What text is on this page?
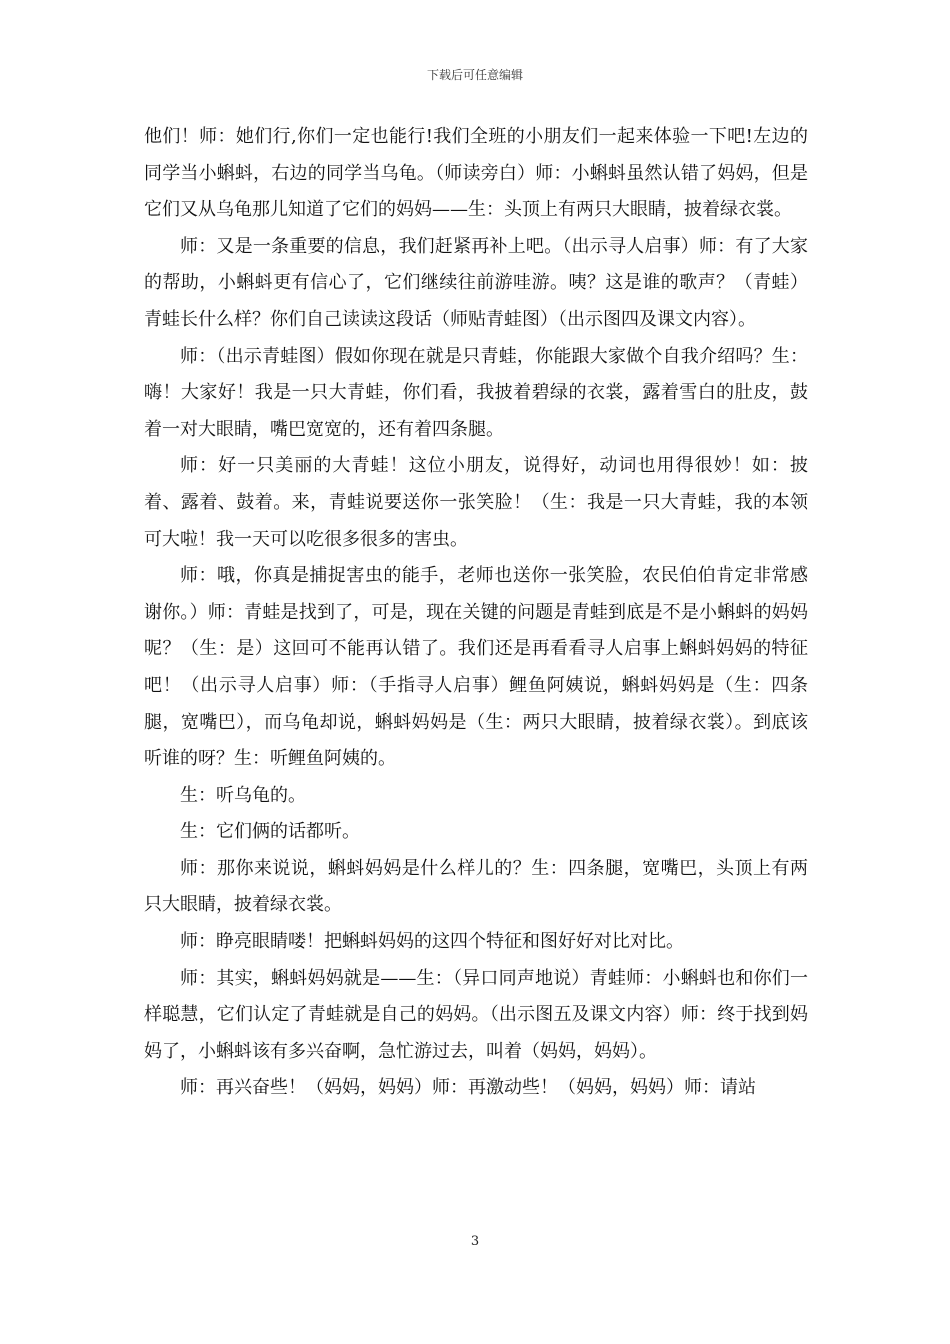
下载后可任意编辑

他们！师：她们行,你们一定也能行!我们全班的小朋友们一起来体验一下吧!左边的同学当小蝌蚪，右边的同学当乌龟。（师读旁白）师：小蝌蚪虽然认错了妈妈，但是它们又从乌龟那儿知道了它们的妈妈——生：头顶上有两只大眼睛，披着绿衣裳。

师：又是一条重要的信息，我们赶紧再补上吧。（出示寻人启事）师：有了大家的帮助，小蝌蚪更有信心了，它们继续往前游哇游。咦？这是谁的歌声？（青蛙）青蛙长什么样？你们自己读读这段话（师贴青蛙图）（出示图四及课文内容）。

师：（出示青蛙图）假如你现在就是只青蛙，你能跟大家做个自我介绍吗？生：嗨！大家好！我是一只大青蛙，你们看，我披着碧绿的衣裳，露着雪白的肚皮，鼓着一对大眼睛，嘴巴宽宽的，还有着四条腿。

师：好一只美丽的大青蛙！这位小朋友，说得好，动词也用得很妙！如：披着、露着、鼓着。来，青蛙说要送你一张笑脸！（生：我是一只大青蛙，我的本领可大啦！我一天可以吃很多很多的害虫。

师：哦，你真是捕捉害虫的能手，老师也送你一张笑脸，农民伯伯肯定非常感谢你。）师：青蛙是找到了，可是，现在关键的问题是青蛙到底是不是小蝌蚪的妈妈呢？（生：是）这回可不能再认错了。我们还是再看看寻人启事上蝌蚪妈妈的特征吧！（出示寻人启事）师：（手指寻人启事）鲤鱼阿姨说，蝌蚪妈妈是（生：四条腿，宽嘴巴），而乌龟却说，蝌蚪妈妈是（生：两只大眼睛，披着绿衣裳）。到底该听谁的呀？生：听鲤鱼阿姨的。

生：听乌龟的。

生：它们俩的话都听。

师：那你来说说，蝌蚪妈妈是什么样儿的？生：四条腿，宽嘴巴，头顶上有两只大眼睛，披着绿衣裳。

师：睁亮眼睛喽！把蝌蚪妈妈的这四个特征和图好好对比对比。

师：其实，蝌蚪妈妈就是——生：（异口同声地说）青蛙师：小蝌蚪也和你们一样聪慧，它们认定了青蛙就是自己的妈妈。（出示图五及课文内容）师：终于找到妈妈了，小蝌蚪该有多兴奋啊，急忙游过去，叫着（妈妈，妈妈）。

师：再兴奋些！（妈妈，妈妈）师：再激动些！（妈妈，妈妈）师：请站

3
